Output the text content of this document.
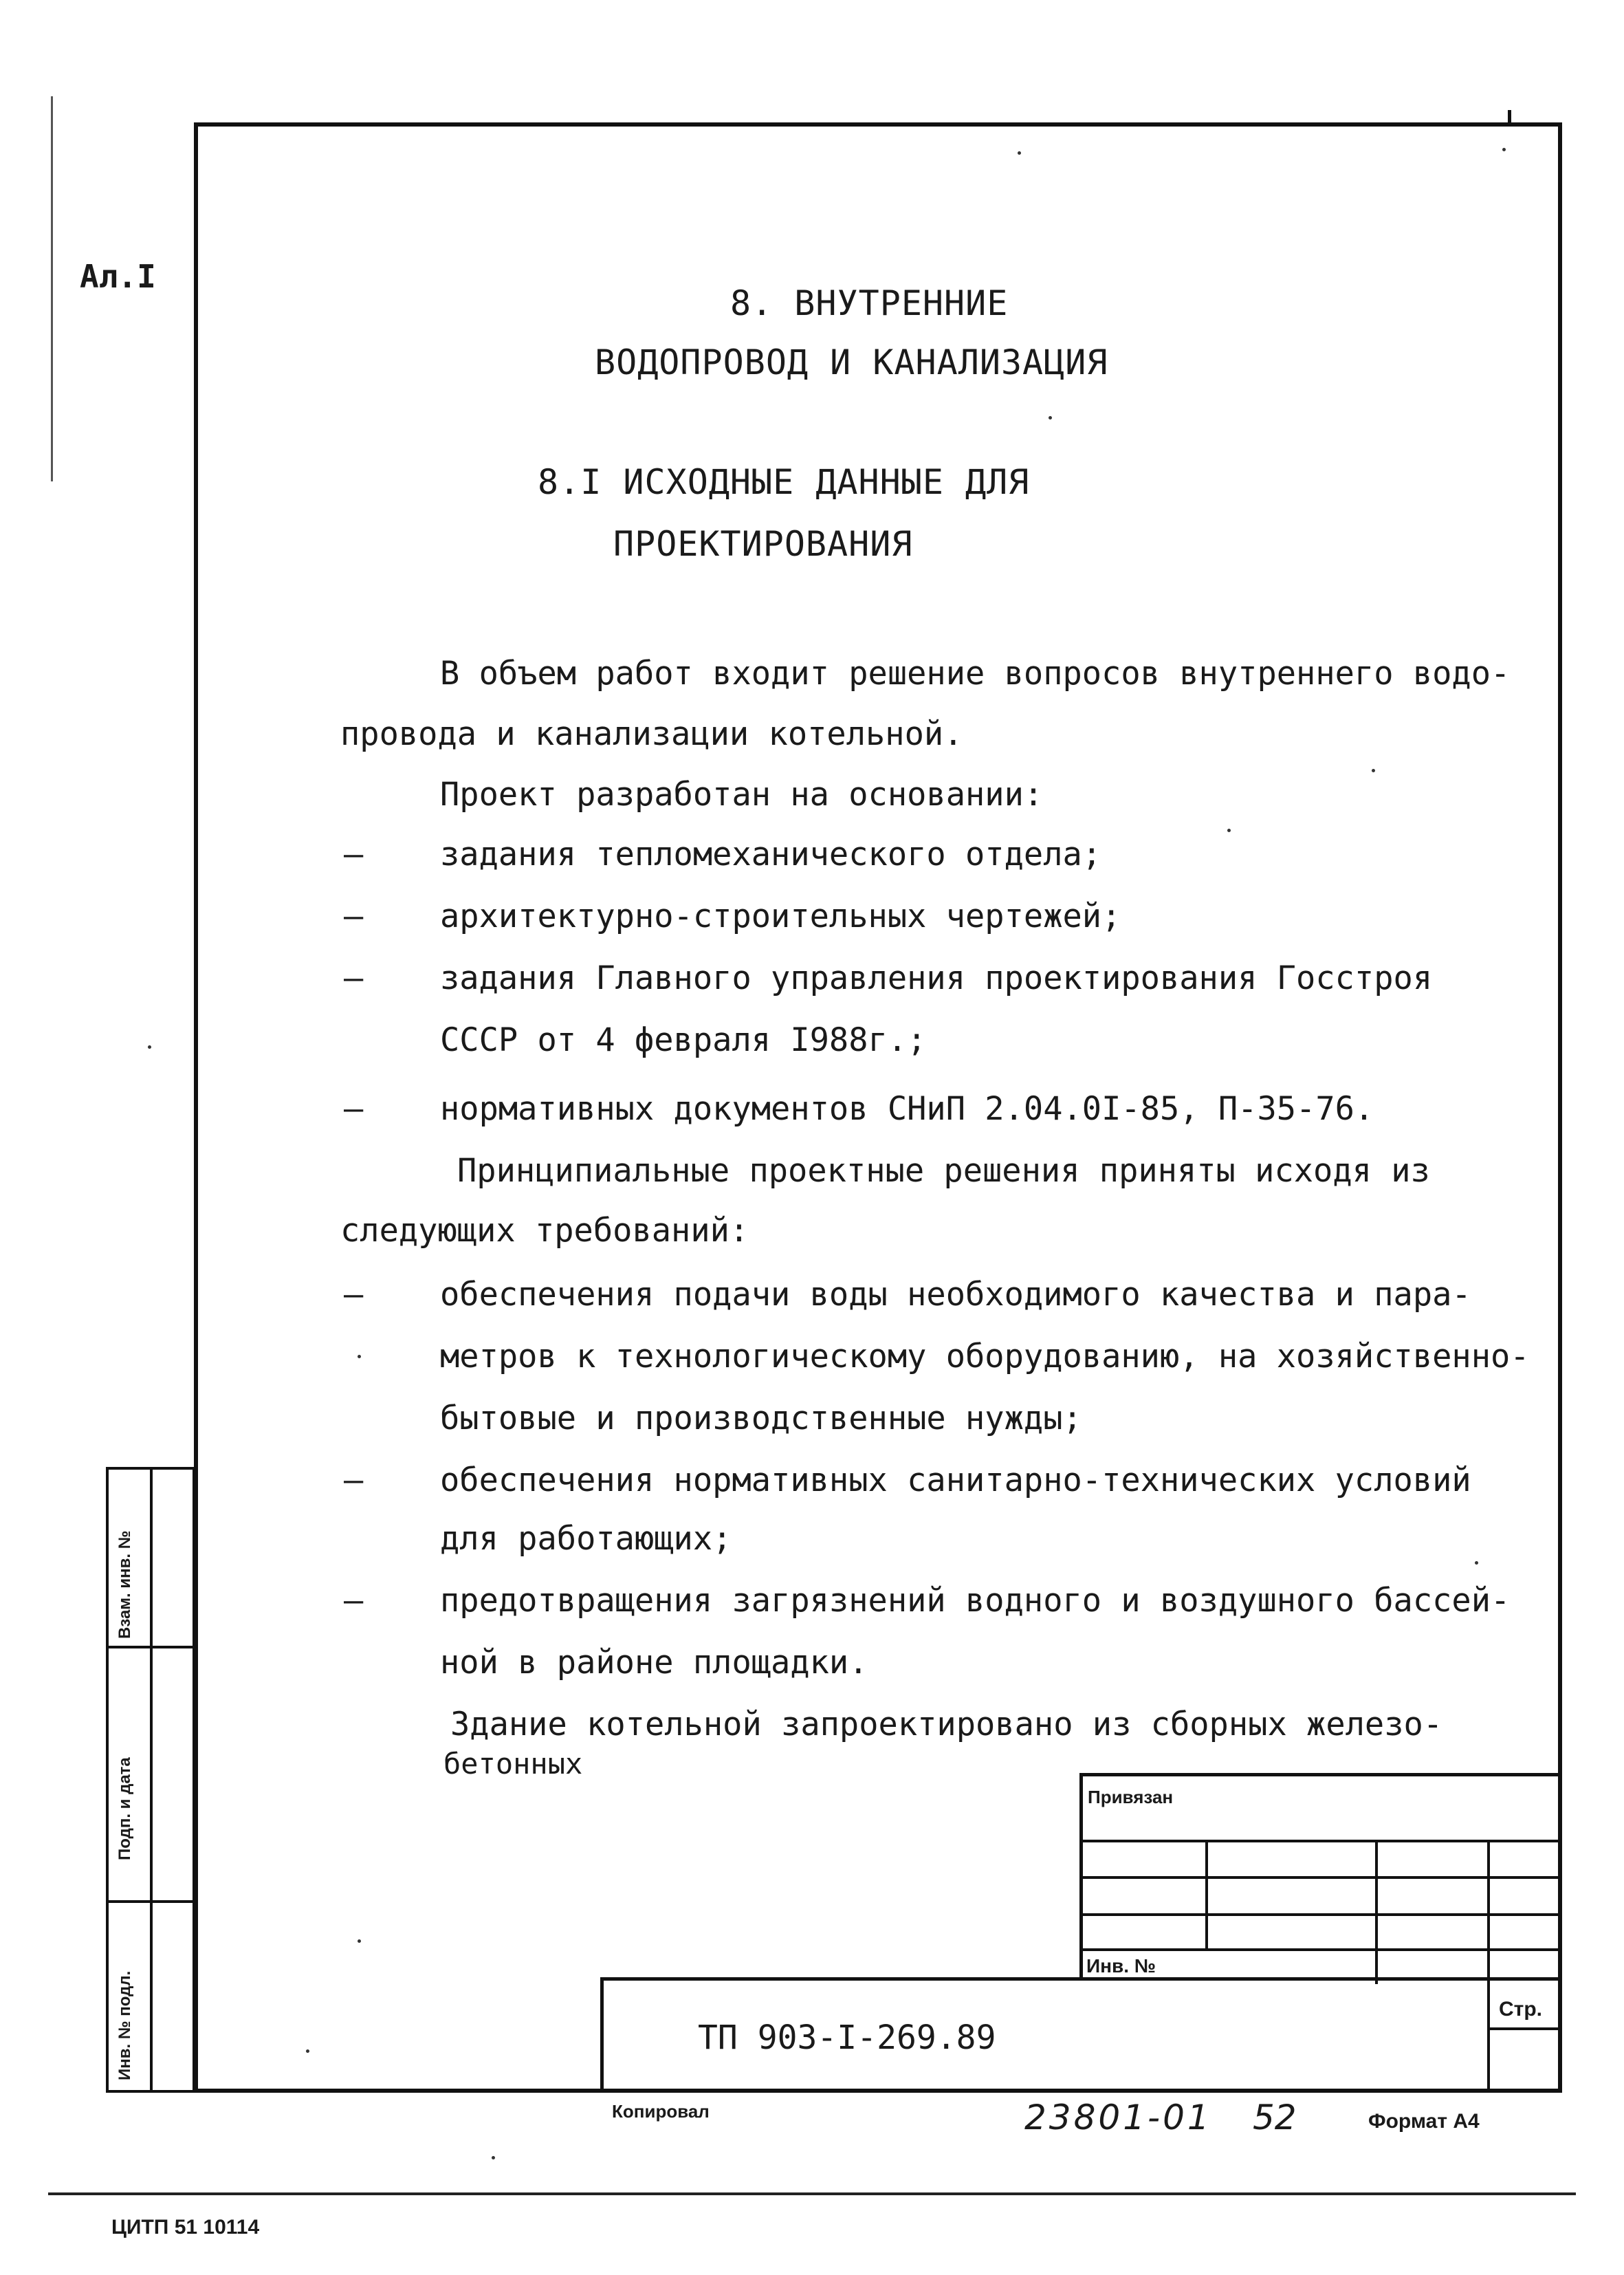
Ал.I
8. ВНУТРЕННИЕ
ВОДОПРОВОД И КАНАЛИЗАЦИЯ
8.I ИСХОДНЫЕ ДАННЫЕ ДЛЯ
ПРОЕКТИРОВАНИЯ
В объем работ входит решение вопросов внутреннего водо-
провода и канализации котельной.
Проект разработан на основании:
– задания тепломеханического отдела;
– архитектурно-строительных чертежей;
– задания Главного управления проектирования Госстроя
СССР от 4 февраля I988г.;
– нормативных документов СНиП 2.04.0I-85, П-35-76.
Принципиальные проектные решения приняты исходя из
следующих требований:
– обеспечения подачи воды необходимого качества и пара-
метров к технологическому оборудованию, на хозяйственно-
бытовые и производственные нужды;
– обеспечения нормативных санитарно-технических условий
для работающих;
– предотвращения загрязнений водного и воздушного бассей-
ной в районе площадки.
Здание котельной запроектировано из сборных железо-
бетонных
Взам. инв. №
Подп. и дата
Инв. № подл.
Привязан
Инв. №
Стр.
ТП 903-I-269.89
Копировал	23801-01 52	Формат А4
ЦИТП 51 10114
